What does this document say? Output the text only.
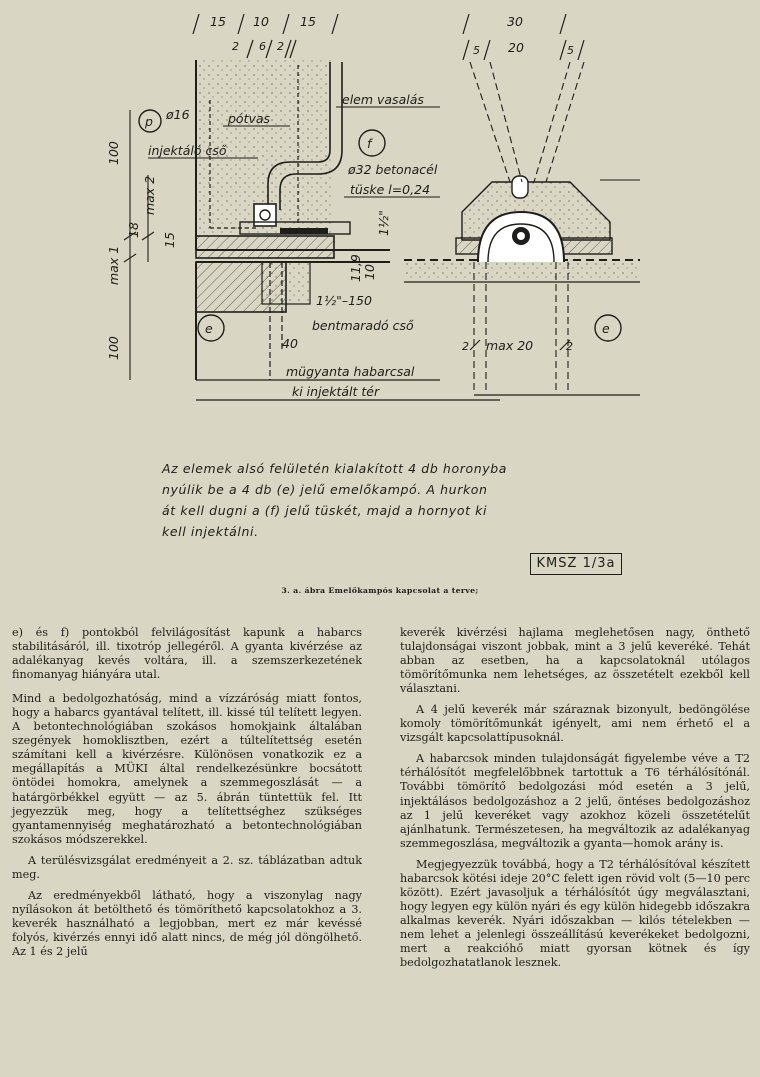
15 10 15
2 6 2
30
5 20	5
100
max 1
18
max 2
15
100
p ø16	pótvas
injektáló cső
elem vasalás
f
ø32 betonacél
tüske l=0,24
11,9 10
1½"
1½"–150
bentmaradó cső
40
mügyanta habarcsal
ki injektált tér
e
2 max 20	2
e

Az elemek alsó felületén kialakított 4 db horonyba

nyúlik be a 4 db (e) jelű emelőkampó. A hurkon

át kell dugni a (f) jelű tüskét, majd a hornyot ki

kell injektálni.

KMSZ 1/3a
3. a. ábra Emelőkampós kapcsolat a terve;

e) és f) pontokból felvilágosítást kapunk a habarcs stabilitásáról, ill. tixotróp jellegéről. A gyanta kivérzése az adalékanyag kevés voltára, ill. a szemszerkezetének finomanyag hiányára utal.

Mind a bedolgozhatóság, mind a vízzáróság miatt fontos, hogy a habarcs gyantával telített, ill. kissé túl telített legyen. A betontechnológiában szokásos homokjaink általában szegények homoklisztben, ezért a túltelítettség esetén számítani kell a kivérzésre. Különösen vonatkozik ez a megállapítás a MÜKI által rendelkezésünkre bocsátott öntödei homokra, amelynek a szemmegoszlását — a határgörbékkel együtt — az 5. ábrán tüntettük fel. Itt jegyezzük meg, hogy a telítettséghez szükséges gyantamennyiség meghatározható a betontechnológiában szokásos módszerekkel.

A terülésvizsgálat eredményeit a 2. sz. táblázatban adtuk meg.

Az eredményekből látható, hogy a viszonylag nagy nyílásokon át betölthető és tömöríthető kapcsolatokhoz a 3. keverék használható a legjobban, mert ez már kevéssé folyós, kivérzés ennyi idő alatt nincs, de még jól döngölhető. Az 1 és 2 jelű

keverék kivérzési hajlama meglehetősen nagy, önthető tulajdonságai viszont jobbak, mint a 3 jelű keveréké. Tehát abban az esetben, ha a kapcsolatoknál utólagos tömörítőmunka nem lehetséges, az összetételt ezekből kell választani.

A 4 jelű keverék már száraznak bizonyult, bedöngölése komoly tömörítőmunkát igényelt, ami nem érhető el a vizsgált kapcsolattípusoknál.

A habarcsok minden tulajdonságát figyelembe véve a T2 térhálósítót megfelelőbbnek tartottuk a T6 térhálósítónál. További tömörítő bedolgozási mód esetén a 3 jelű, injektálásos bedolgozáshoz a 2 jelű, öntéses bedolgozáshoz az 1 jelű keveréket vagy azokhoz közeli összetételűt ajánlhatunk. Természetesen, ha megváltozik az adalékanyag szemmegoszlása, megváltozik a gyanta—homok arány is.

Megjegyezzük továbbá, hogy a T2 térhálósítóval készített habarcsok kötési ideje 20°C felett igen rövid volt (5—10 perc között). Ezért javasoljuk a térhálósítót úgy megválasztani, hogy legyen egy külön nyári és egy külön hidegebb időszakra alkalmas keverék. Nyári időszakban — kilós tételekben — nem lehet a jelenlegi összeállítású keverékeket bedolgozni, mert a reakcióhő miatt gyorsan kötnek és így bedolgozhatatlanok lesznek.
